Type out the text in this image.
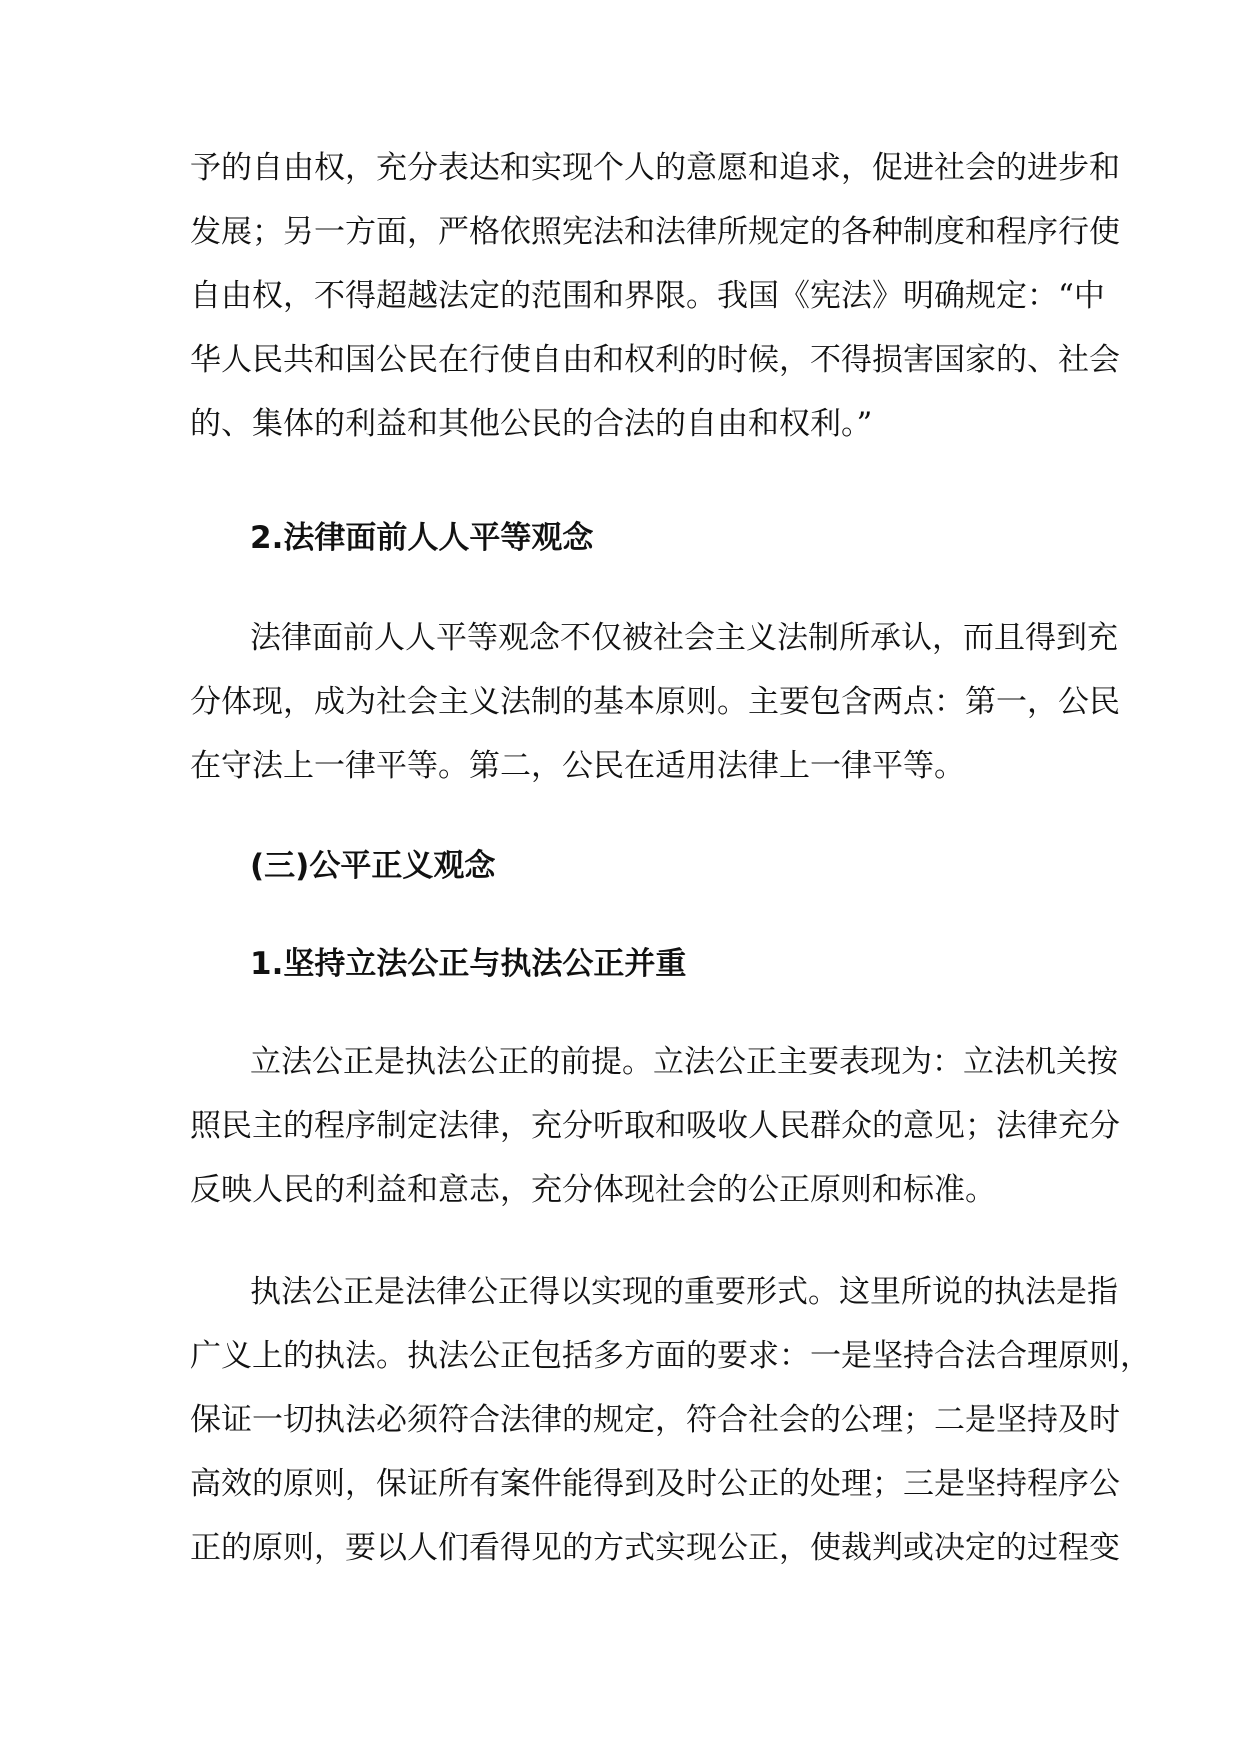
予的自由权，充分表达和实现个人的意愿和追求，促进社会的进步和
发展；另一方面，严格依照宪法和法律所规定的各种制度和程序行使
自由权，不得超越法定的范围和界限。我国《宪法》明确规定：“中
华人民共和国公民在行使自由和权利的时候，不得损害国家的、社会
的、集体的利益和其他公民的合法的自由和权利。”
2.法律面前人人平等观念
法律面前人人平等观念不仅被社会主义法制所承认，而且得到充
分体现，成为社会主义法制的基本原则。主要包含两点：第一，公民
在守法上一律平等。第二，公民在适用法律上一律平等。
(三)公平正义观念
1.坚持立法公正与执法公正并重
立法公正是执法公正的前提。立法公正主要表现为：立法机关按
照民主的程序制定法律，充分听取和吸收人民群众的意见；法律充分
反映人民的利益和意志，充分体现社会的公正原则和标准。
执法公正是法律公正得以实现的重要形式。这里所说的执法是指
广义上的执法。执法公正包括多方面的要求：一是坚持合法合理原则，
保证一切执法必须符合法律的规定，符合社会的公理；二是坚持及时
高效的原则，保证所有案件能得到及时公正的处理；三是坚持程序公
正的原则，要以人们看得见的方式实现公正，使裁判或决定的过程变
